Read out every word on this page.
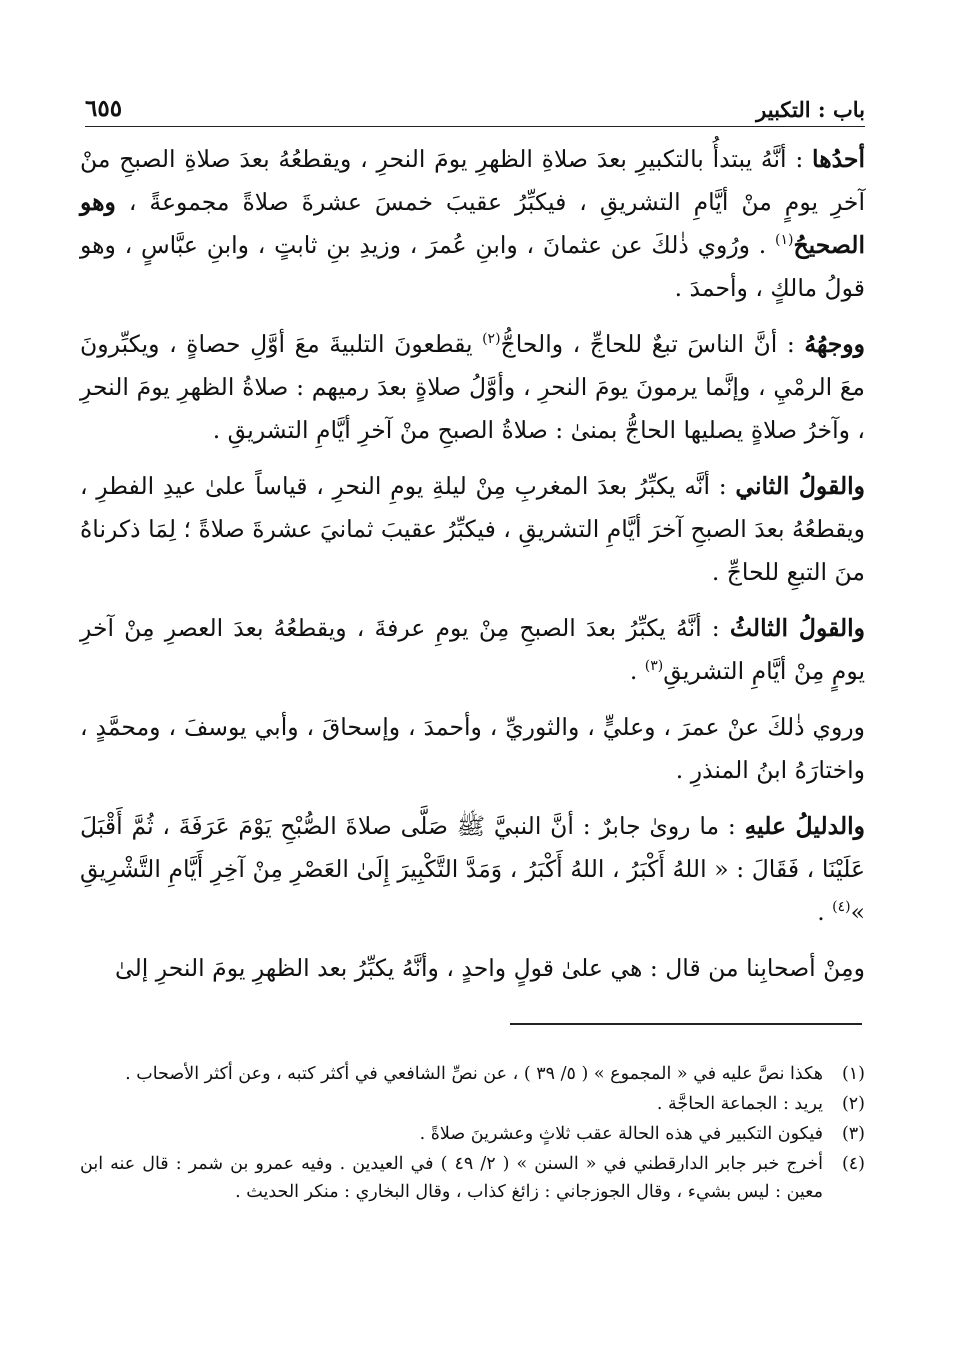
باب : التكبير
٦٥٥

أحدُها : أنَّهُ يبتدأُ بالتكبيرِ بعدَ صلاةِ الظهرِ يومَ النحرِ ، ويقطعُهُ بعدَ صلاةِ الصبحِ منْ آخرِ يومٍ منْ أيَّامِ التشريقِ ، فيكبِّرُ عقيبَ خمسَ عشرةَ صلاةً مجموعةً ، وهو الصحيحُ$^{(١)}$ . ورُوي ذٰلكَ عن عثمانَ ، وابنِ عُمرَ ، وزيدِ بنِ ثابتٍ ، وابنِ عبَّاسٍ ، وهو قولُ مالكٍ ، وأحمدَ .

ووجهُهُ : أنَّ الناسَ تبعٌ للحاجِّ ، والحاجُّ$^{(٢)}$ يقطعونَ التلبيةَ معَ أوَّلِ حصاةٍ ، ويكبِّرونَ معَ الرمْيِ ، وإنَّما يرمونَ يومَ النحرِ ، وأوَّلُ صلاةٍ بعدَ رميهم : صلاةُ الظهرِ يومَ النحرِ ، وآخرُ صلاةٍ يصليها الحاجُّ بمنىٰ : صلاةُ الصبحِ منْ آخرِ أيَّامِ التشريقِ .

والقولُ الثاني : أنَّه يكبِّرُ بعدَ المغربِ مِنْ ليلةِ يومِ النحرِ ، قياساً علىٰ عيدِ الفطرِ ، ويقطعُهُ بعدَ الصبحِ آخرَ أيَّامِ التشريقِ ، فيكبِّرُ عقيبَ ثمانيَ عشرةَ صلاةً ؛ لِمَا ذكرناهُ منَ التبعِ للحاجِّ .

والقولُ الثالثُ : أنَّهُ يكبِّرُ بعدَ الصبحِ مِنْ يومِ عرفةَ ، ويقطعُهُ بعدَ العصرِ مِنْ آخرِ يومٍ مِنْ أيَّامِ التشريقِ$^{(٣)}$ .

وروي ذٰلكَ عنْ عمرَ ، وعليٍّ ، والثوريِّ ، وأحمدَ ، وإسحاقَ ، وأبي يوسفَ ، ومحمَّدٍ ، واختارَهُ ابنُ المنذرِ .

والدليلُ عليهِ : ما روىٰ جابرٌ : أنَّ النبيَّ ﷺ صَلَّى صلاةَ الصُّبْحِ يَوْمَ عَرَفَةَ ، ثُمَّ أَقْبَلَ عَلَيْنَا ، فَقَالَ : « اللهُ أَكْبَرُ ، اللهُ أَكْبَرُ ، وَمَدَّ التَّكْبِيرَ إِلَىٰ العَصْرِ مِنْ آخِرِ أَيَّامِ التَّشْرِيقِ »$^{(٤)}$ .

ومِنْ أصحابِنا من قال : هي علىٰ قولٍ واحدٍ ، وأنَّهُ يكبِّرُ بعد الظهرِ يومَ النحرِ إلىٰ

(١)
هكذا نصَّ عليه في « المجموع » ( ٥/ ٣٩ ) ، عن نصِّ الشافعي في أكثر كتبه ، وعن أكثر الأصحاب .
(٢)
يريد : الجماعة الحاجَّة .
(٣)
فيكون التكبير في هذه الحالة عقب ثلاثٍ وعشرينَ صلاةً .
(٤)
أخرج خبر جابر الدارقطني في « السنن » ( ٢/ ٤٩ ) في العيدين . وفيه عمرو بن شمر : قال عنه ابن معين : ليس بشيء ، وقال الجوزجاني : زائغ كذاب ، وقال البخاري : منكر الحديث .
